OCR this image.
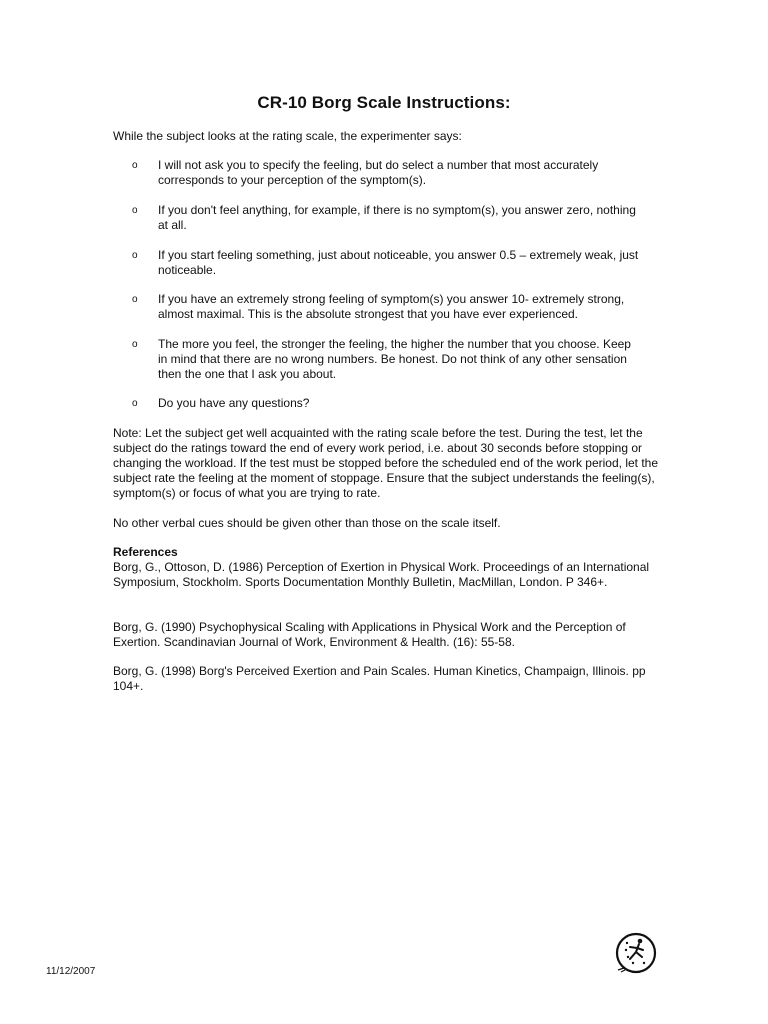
CR-10 Borg Scale Instructions:

While the subject looks at the rating scale, the experimenter says:

o I will not ask you to specify the feeling, but do select a number that most accurately corresponds to your perception of the symptom(s).
o If you don't feel anything, for example, if there is no symptom(s), you answer zero, nothing at all.
o If you start feeling something, just about noticeable, you answer 0.5 – extremely weak, just noticeable.
o If you have an extremely strong feeling of symptom(s) you answer 10- extremely strong, almost maximal. This is the absolute strongest that you have ever experienced.
o The more you feel, the stronger the feeling, the higher the number that you choose. Keep in mind that there are no wrong numbers. Be honest. Do not think of any other sensation then the one that I ask you about.
o Do you have any questions?

Note: Let the subject get well acquainted with the rating scale before the test. During the test, let the subject do the ratings toward the end of every work period, i.e. about 30 seconds before stopping or changing the workload. If the test must be stopped before the scheduled end of the work period, let the subject rate the feeling at the moment of stoppage. Ensure that the subject understands the feeling(s), symptom(s) or focus of what you are trying to rate.

No other verbal cues should be given other than those on the scale itself.

References

Borg, G., Ottoson, D. (1986) Perception of Exertion in Physical Work. Proceedings of an International Symposium, Stockholm. Sports Documentation Monthly Bulletin, MacMillan, London. P 346+.

Borg, G. (1990) Psychophysical Scaling with Applications in Physical Work and the Perception of Exertion. Scandinavian Journal of Work, Environment & Health. (16): 55-58.

Borg, G. (1998) Borg's Perceived Exertion and Pain Scales. Human Kinetics, Champaign, Illinois. pp 104+.

11/12/2007
